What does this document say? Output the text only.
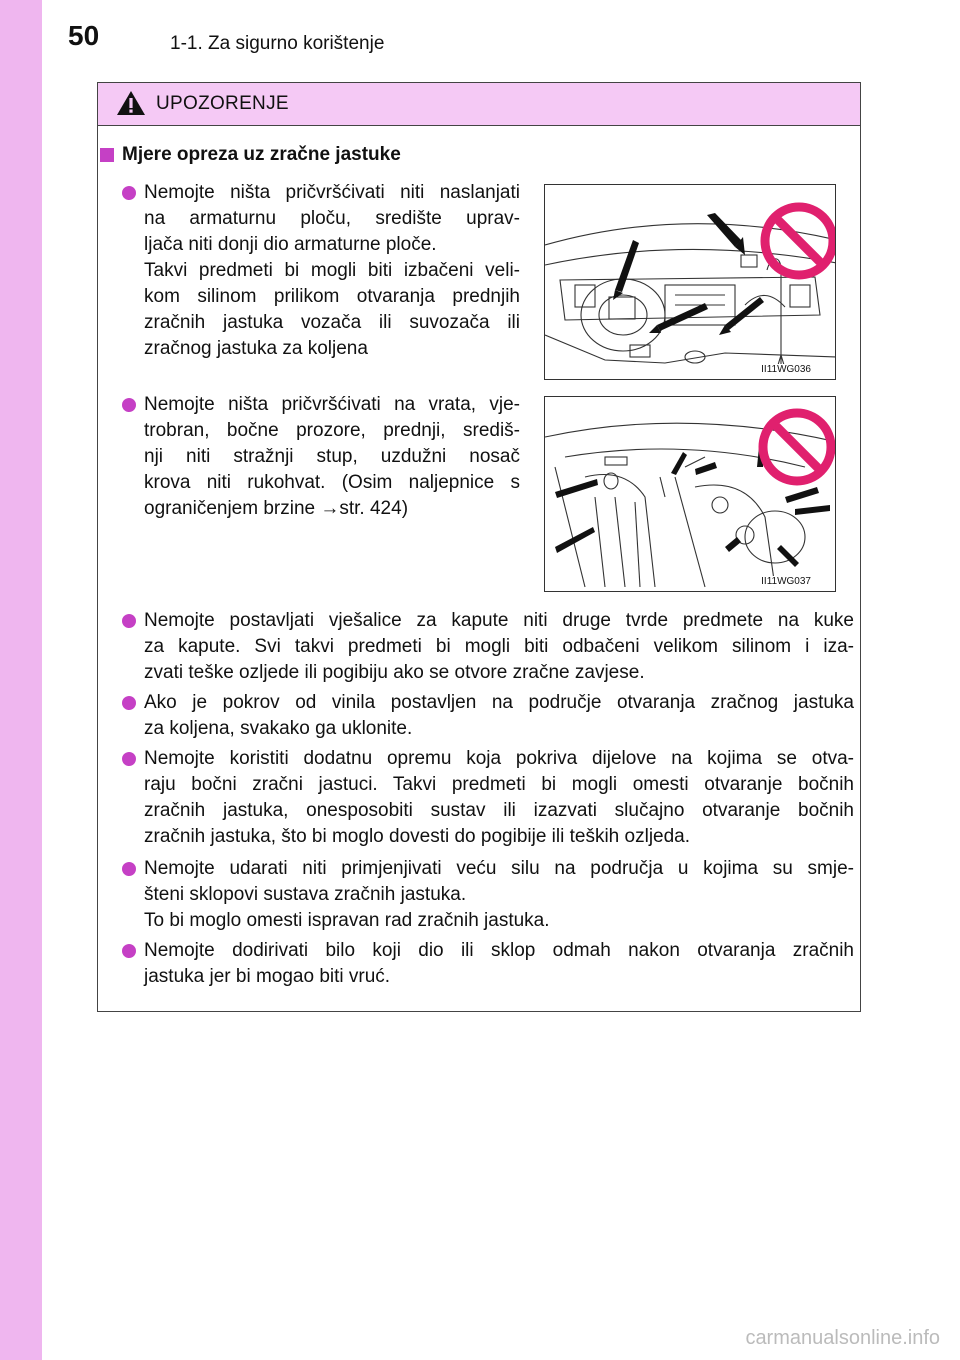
50	1-1. Za sigurno korištenje
UPOZORENJE
Mjere opreza uz zračne jastuke
Nemojte ništa pričvršćivati niti naslanjati
na armaturnu ploču, središte uprav-
ljača niti donji dio armaturne ploče.
Takvi predmeti bi mogli biti izbačeni veli-
kom silinom prilikom otvaranja prednjih
zračnih jastuka vozača ili suvozača ili
zračnog jastuka za koljena
II11WG036
Nemojte ništa pričvršćivati na vrata, vje-
trobran, bočne prozore, prednji, središ-
nji niti stražnji stup, uzdužni nosač
krova niti rukohvat. (Osim naljepnice s
ograničenjem brzine →str. 424)
II11WG037
Nemojte postavljati vješalice za kapute niti druge tvrde predmete na kuke
za kapute. Svi takvi predmeti bi mogli biti odbačeni velikom silinom i iza-
zvati teške ozljede ili pogibiju ako se otvore zračne zavjese.
Ako je pokrov od vinila postavljen na područje otvaranja zračnog jastuka
za koljena, svakako ga uklonite.
Nemojte koristiti dodatnu opremu koja pokriva dijelove na kojima se otva-
raju bočni zračni jastuci. Takvi predmeti bi mogli omesti otvaranje bočnih
zračnih jastuka, onesposobiti sustav ili izazvati slučajno otvaranje bočnih
zračnih jastuka, što bi moglo dovesti do pogibije ili teških ozljeda.
Nemojte udarati niti primjenjivati veću silu na područja u kojima su smje-
šteni sklopovi sustava zračnih jastuka.
To bi moglo omesti ispravan rad zračnih jastuka.
Nemojte dodirivati bilo koji dio ili sklop odmah nakon otvaranja zračnih
jastuka jer bi mogao biti vruć.
carmanualsonline.info
